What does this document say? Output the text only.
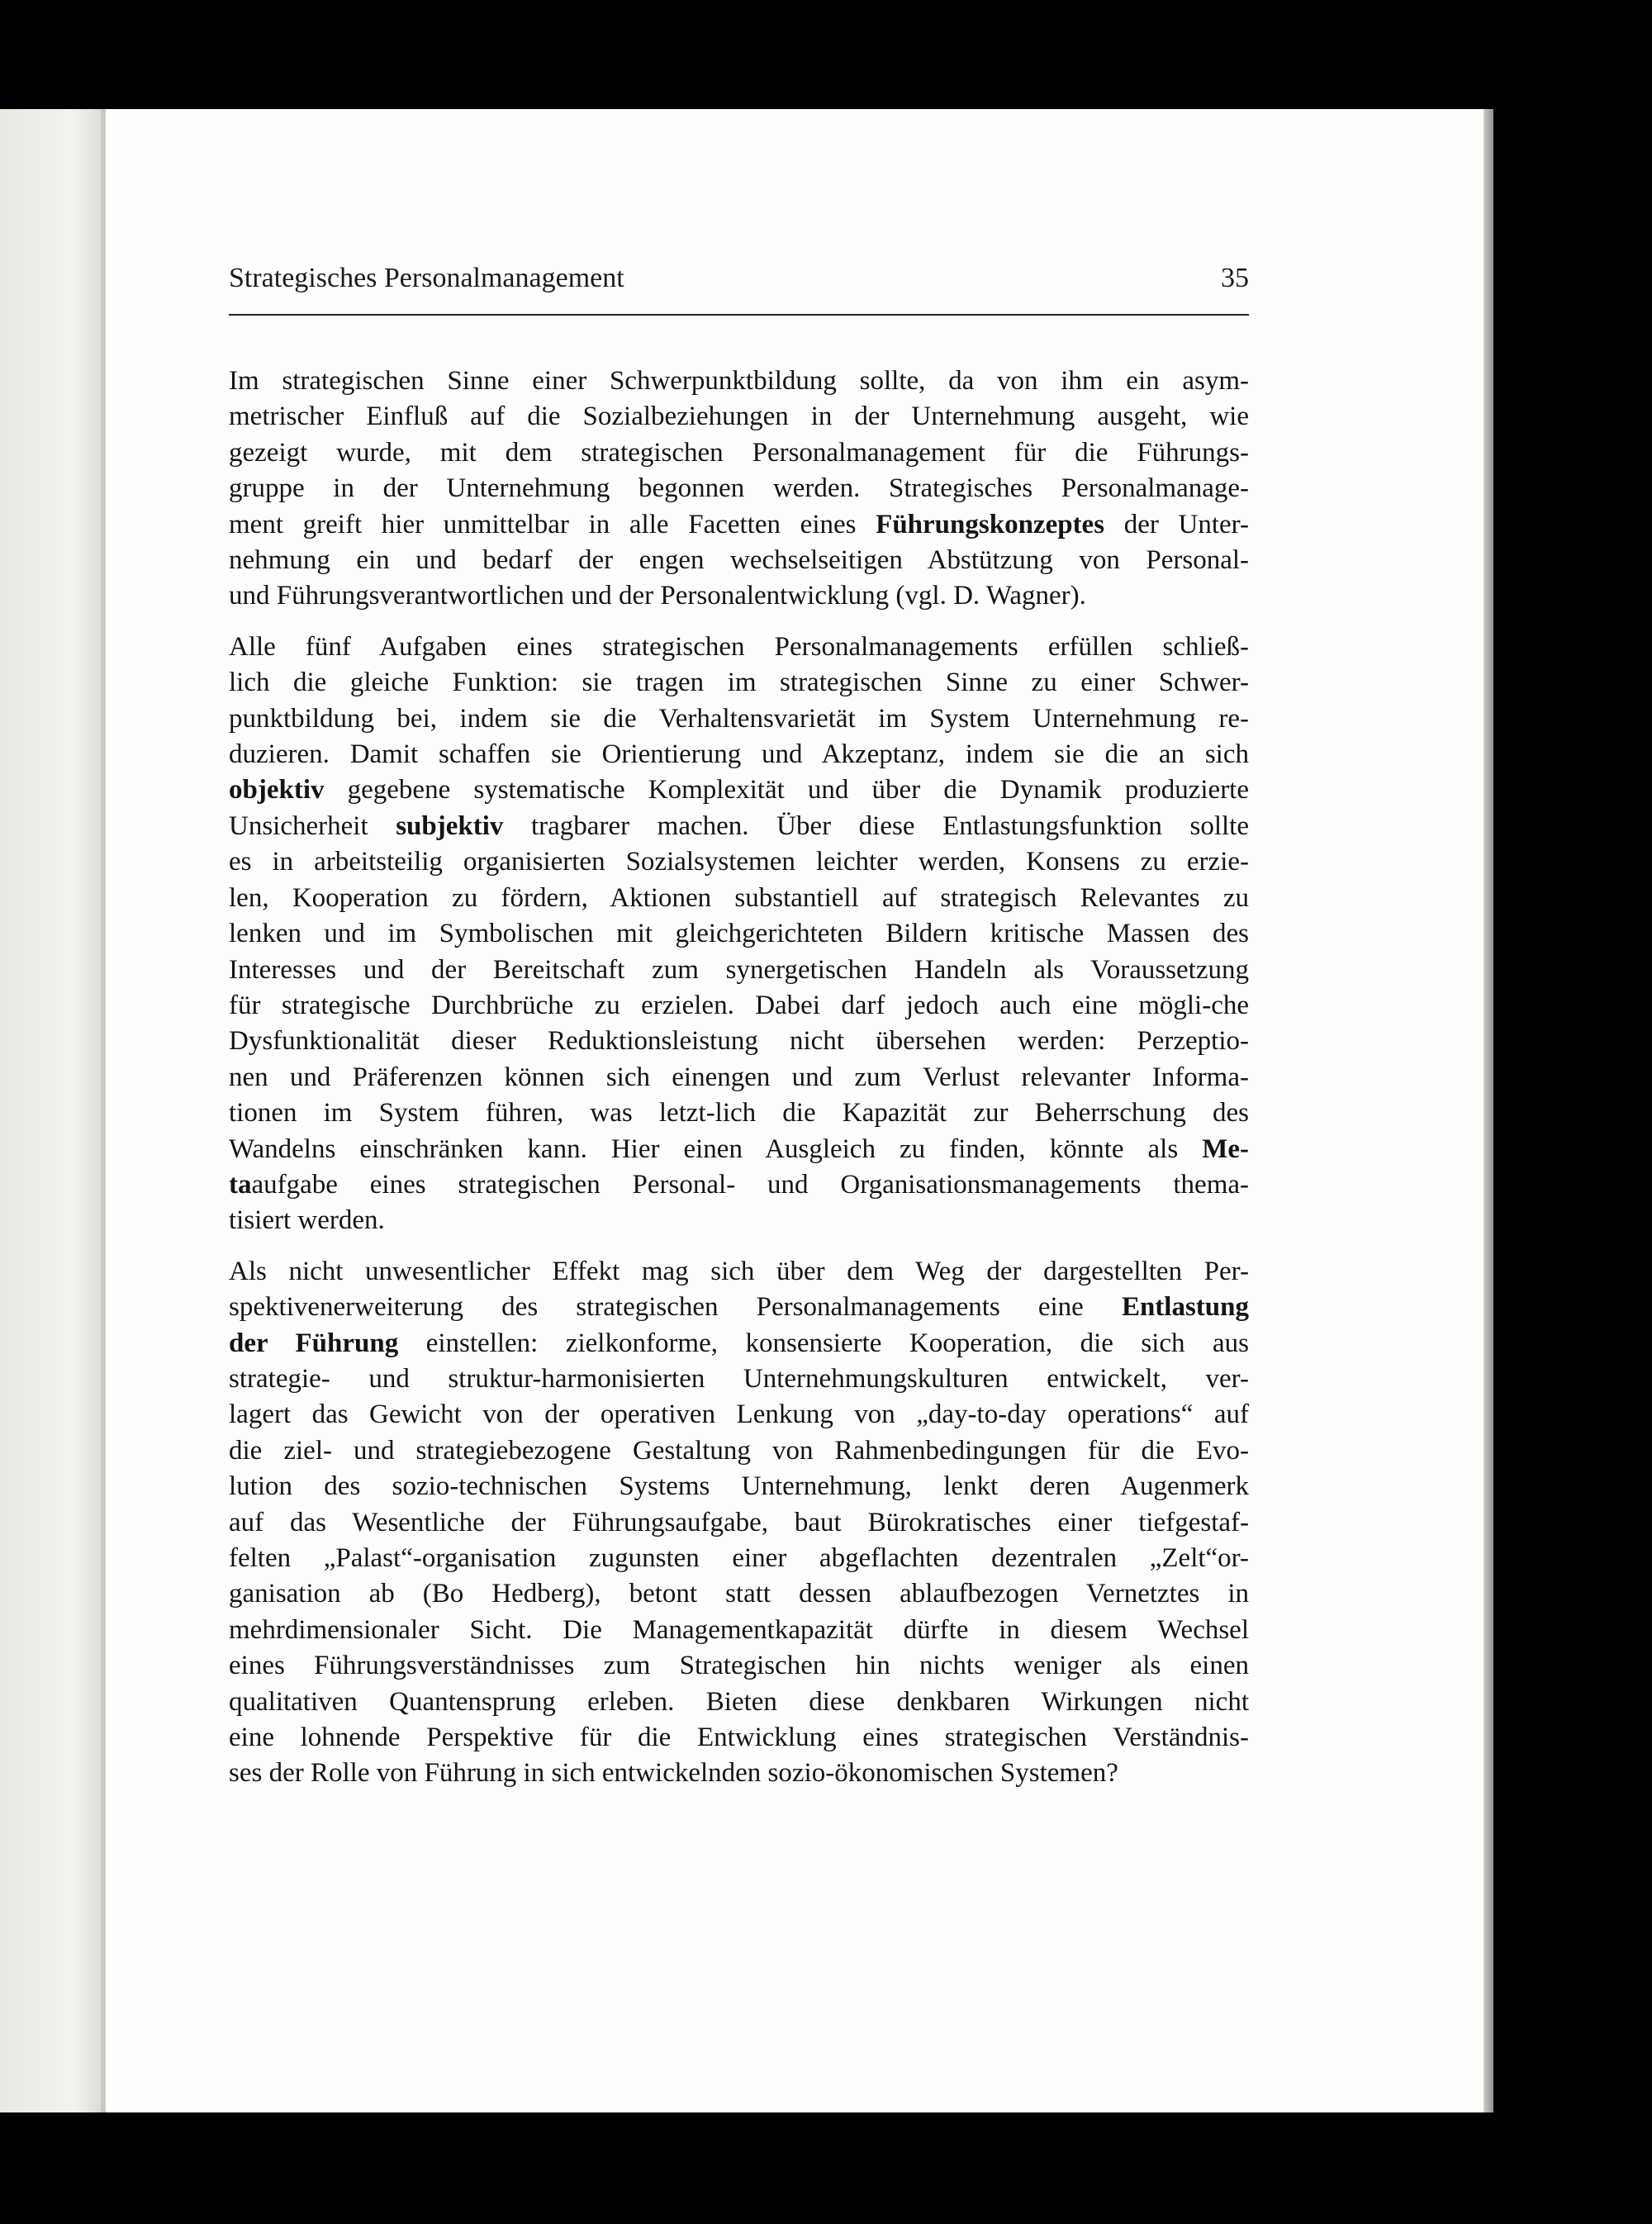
Strategisches Personalmanagement	35
Im strategischen Sinne einer Schwerpunktbildung sollte, da von ihm ein asym-
metrischer Einfluß auf die Sozialbeziehungen in der Unternehmung ausgeht, wie
gezeigt wurde, mit dem strategischen Personalmanagement für die Führungs-
gruppe in der Unternehmung begonnen werden. Strategisches Personalmanage-
ment greift hier unmittelbar in alle Facetten eines Führungskonzeptes der Unter-
nehmung ein und bedarf der engen wechselseitigen Abstützung von Personal-
und Führungsverantwortlichen und der Personalentwicklung (vgl. D. Wagner).
Alle fünf Aufgaben eines strategischen Personalmanagements erfüllen schließ-
lich die gleiche Funktion: sie tragen im strategischen Sinne zu einer Schwer-
punktbildung bei, indem sie die Verhaltensvarietät im System Unternehmung re-
duzieren. Damit schaffen sie Orientierung und Akzeptanz, indem sie die an sich
objektiv gegebene systematische Komplexität und über die Dynamik produzierte
Unsicherheit subjektiv tragbarer machen. Über diese Entlastungsfunktion sollte
es in arbeitsteilig organisierten Sozialsystemen leichter werden, Konsens zu erzie-
len, Kooperation zu fördern, Aktionen substantiell auf strategisch Relevantes zu
lenken und im Symbolischen mit gleichgerichteten Bildern kritische Massen des
Interesses und der Bereitschaft zum synergetischen Handeln als Voraussetzung
für strategische Durchbrüche zu erzielen. Dabei darf jedoch auch eine mögli-che
Dysfunktionalität dieser Reduktionsleistung nicht übersehen werden: Perzeptio-
nen und Präferenzen können sich einengen und zum Verlust relevanter Informa-
tionen im System führen, was letzt-lich die Kapazität zur Beherrschung des
Wandelns einschränken kann. Hier einen Ausgleich zu finden, könnte als Me-
taaufgabe eines strategischen Personal- und Organisationsmanagements thema-
tisiert werden.
Als nicht unwesentlicher Effekt mag sich über dem Weg der dargestellten Per-
spektivenerweiterung des strategischen Personalmanagements eine Entlastung
der Führung einstellen: zielkonforme, konsensierte Kooperation, die sich aus
strategie- und struktur-harmonisierten Unternehmungskulturen entwickelt, ver-
lagert das Gewicht von der operativen Lenkung von „day-to-day operations“ auf
die ziel- und strategiebezogene Gestaltung von Rahmenbedingungen für die Evo-
lution des sozio-technischen Systems Unternehmung, lenkt deren Augenmerk
auf das Wesentliche der Führungsaufgabe, baut Bürokratisches einer tiefgestaf-
felten „Palast“-organisation zugunsten einer abgeflachten dezentralen „Zelt“or-
ganisation ab (Bo Hedberg), betont statt dessen ablaufbezogen Vernetztes in
mehrdimensionaler Sicht. Die Managementkapazität dürfte in diesem Wechsel
eines Führungsverständnisses zum Strategischen hin nichts weniger als einen
qualitativen Quantensprung erleben. Bieten diese denkbaren Wirkungen nicht
eine lohnende Perspektive für die Entwicklung eines strategischen Verständnis-
ses der Rolle von Führung in sich entwickelnden sozio-ökonomischen Systemen?
